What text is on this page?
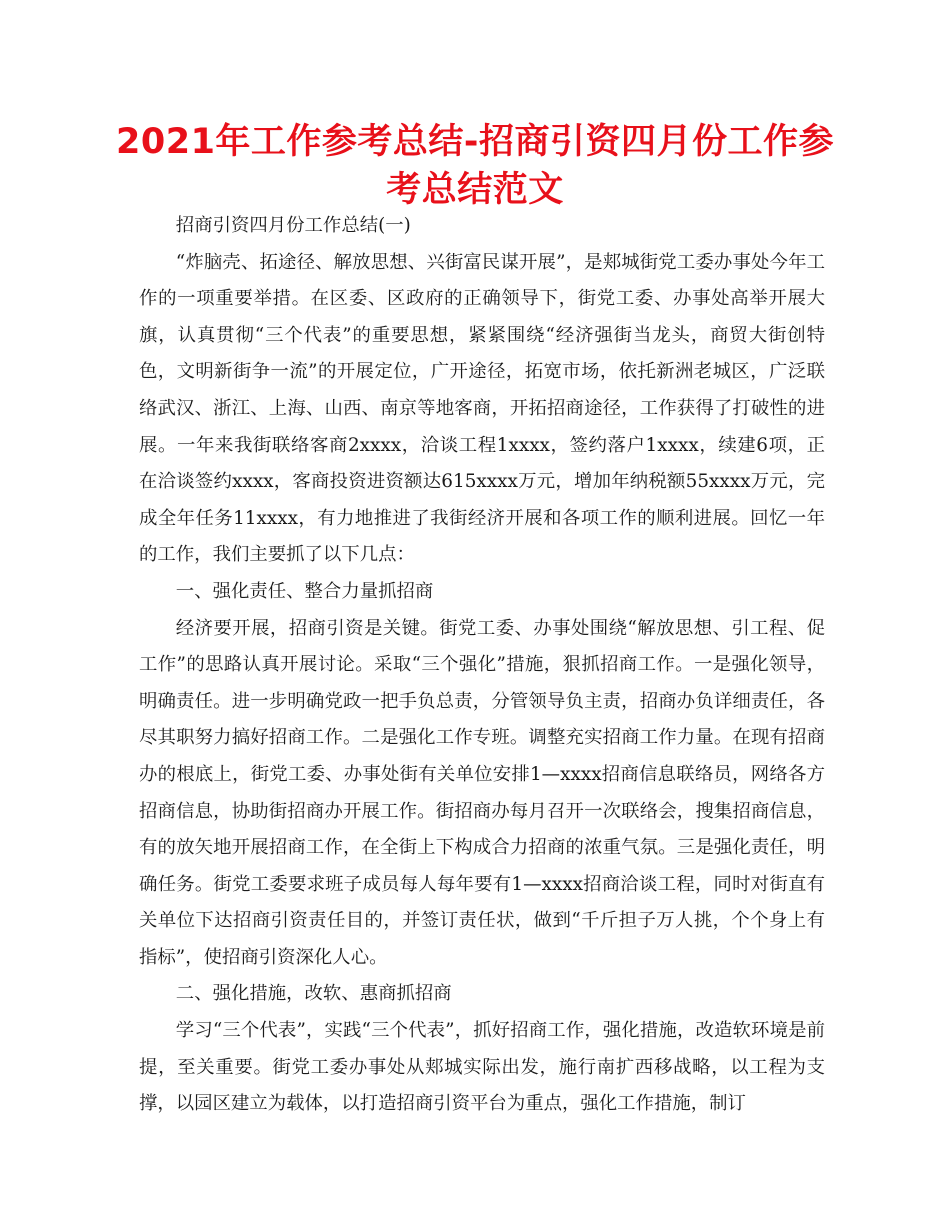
2021年工作参考总结-招商引资四月份工作参考总结范文

招商引资四月份工作总结(一)

“炸脑壳、拓途径、解放思想、兴街富民谋开展”，是郏城街党工委办事处今年工作的一项重要举措。在区委、区政府的正确领导下，街党工委、办事处高举开展大旗，认真贯彻“三个代表”的重要思想，紧紧围绕“经济强街当龙头，商贸大街创特色，文明新街争一流”的开展定位，广开途径，拓宽市场，依托新洲老城区，广泛联络武汉、浙江、上海、山西、南京等地客商，开拓招商途径，工作获得了打破性的进展。一年来我街联络客商2xxxx，洽谈工程1xxxx，签约落户1xxxx，续建6项，正在洽谈签约xxxx，客商投资进资额达615xxxx万元，增加年纳税额55xxxx万元，完成全年任务11xxxx，有力地推进了我街经济开展和各项工作的顺利进展。回忆一年的工作，我们主要抓了以下几点：

一、强化责任、整合力量抓招商

经济要开展，招商引资是关键。街党工委、办事处围绕“解放思想、引工程、促工作”的思路认真开展讨论。采取“三个强化”措施，狠抓招商工作。一是强化领导，明确责任。进一步明确党政一把手负总责，分管领导负主责，招商办负详细责任，各尽其职努力搞好招商工作。二是强化工作专班。调整充实招商工作力量。在现有招商办的根底上，街党工委、办事处街有关单位安排1—xxxx招商信息联络员，网络各方招商信息，协助街招商办开展工作。街招商办每月召开一次联络会，搜集招商信息，有的放矢地开展招商工作，在全街上下构成合力招商的浓重气氛。三是强化责任，明确任务。街党工委要求班子成员每人每年要有1—xxxx招商洽谈工程，同时对街直有关单位下达招商引资责任目的，并签订责任状，做到“千斤担子万人挑，个个身上有指标”，使招商引资深化人心。

二、强化措施，改软、惠商抓招商

学习“三个代表”，实践“三个代表”，抓好招商工作，强化措施，改造软环境是前提，至关重要。街党工委办事处从郏城实际出发，施行南扩西移战略，以工程为支撑，以园区建立为载体，以打造招商引资平台为重点，强化工作措施，制订
